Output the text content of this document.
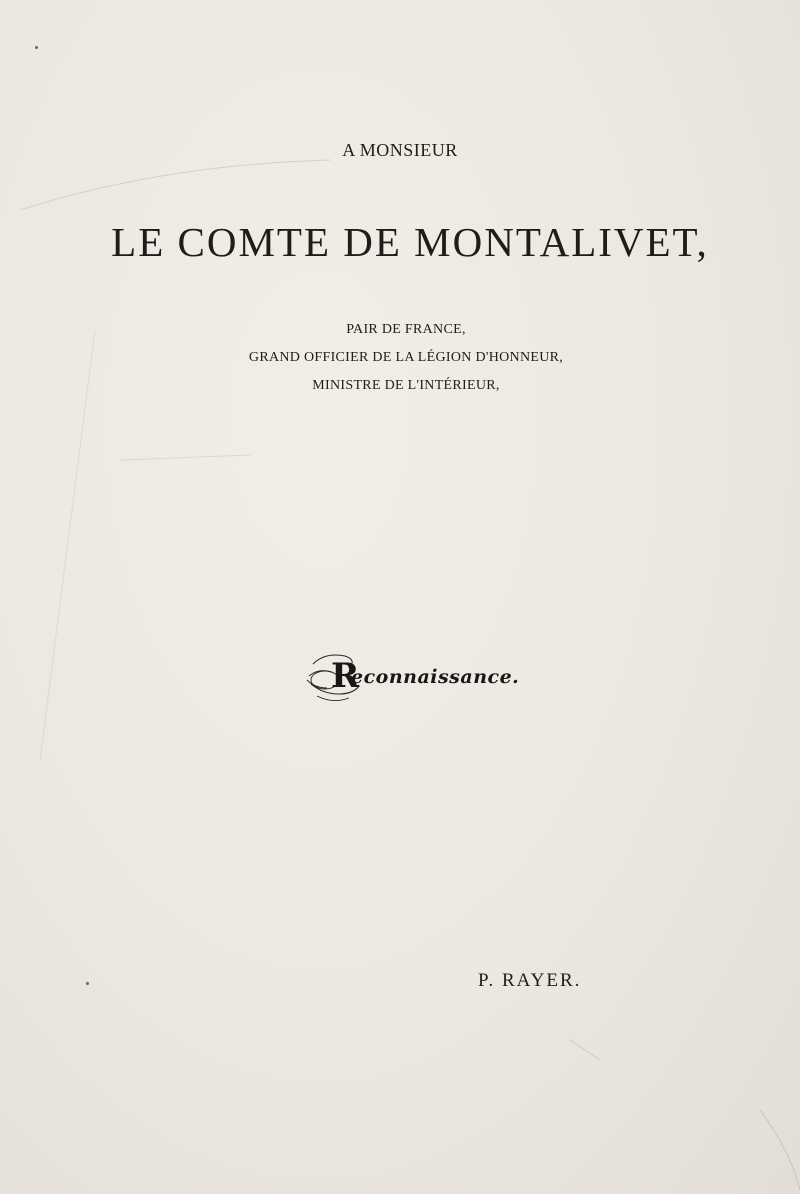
A MONSIEUR
LE COMTE DE MONTALIVET,
PAIR DE FRANCE,
GRAND OFFICIER DE LA LÉGION D'HONNEUR,
MINISTRE DE L'INTÉRIEUR,
R
econnaissance.
P. RAYER.
